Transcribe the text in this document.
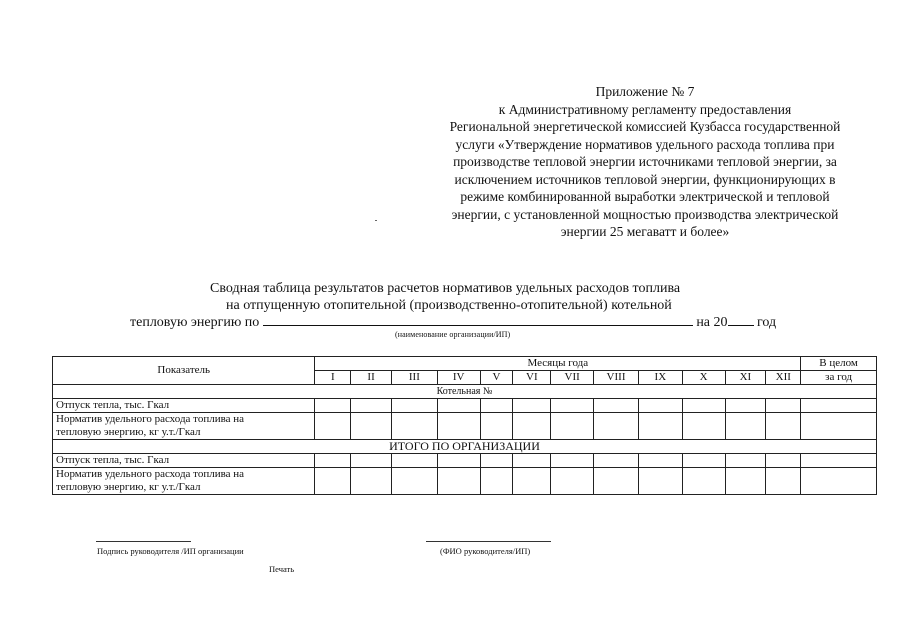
Приложение № 7
к Административному регламенту предоставления
Региональной энергетической комиссией Кузбасса государственной
услуги «Утверждение нормативов удельного расхода топлива при
производстве тепловой энергии источниками тепловой энергии, за
исключением источников тепловой энергии, функционирующих в
режиме комбинированной выработки электрической и тепловой
энергии, с установленной мощностью производства электрической
энергии 25 мегаватт и более»
Сводная таблица результатов расчетов нормативов удельных расходов топлива
на отпущенную отопительной (производственно-отопительной) котельной
тепловую энергию по	на 20 год
(наименование организации/ИП)
Показатель	Месяцы года												В целом
	I	II	III	IV	V	VI	VII	VIII	IX	X	XI	XII	за год
Котельная №													
Отпуск тепла, тыс. Гкал													

Норматив удельного расхода топлива на
тепловую энергию, кг у.т./Гкал													

ИТОГО ПО ОРГАНИЗАЦИИ													
Отпуск тепла, тыс. Гкал													

Норматив удельного расхода топлива на
тепловую энергию, кг у.т./Гкал													

Подпись руководителя /ИП организации	(ФИО руководителя/ИП)
Печать
